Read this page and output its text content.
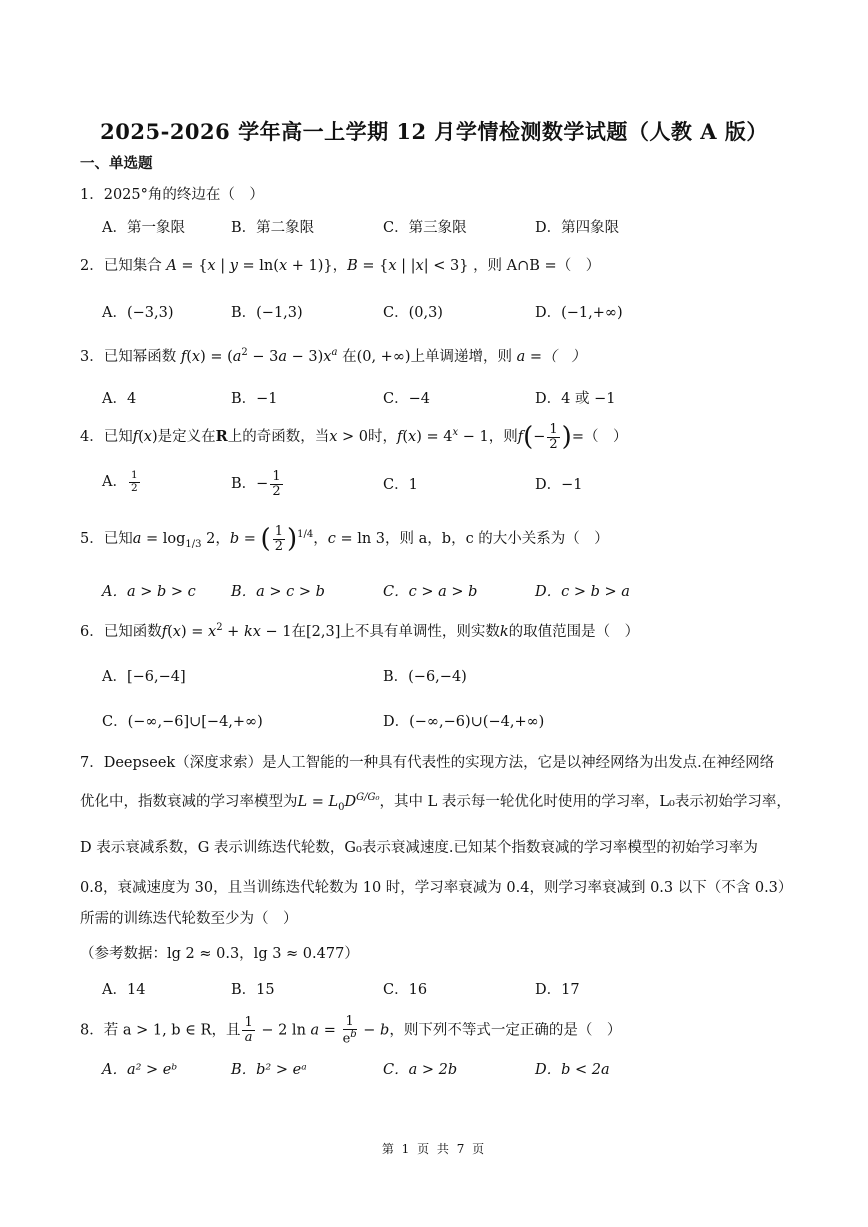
2025-2026 学年高一上学期 12 月学情检测数学试题（人教 A 版）
一、单选题
1．2025°角的终边在（　）
A．第一象限	B．第二象限	C．第三象限	D．第四象限
2．已知集合 A = {x | y = ln(x + 1)}，B = {x | |x| < 3} ，则 A∩B =（　）
A．(−3,3)	B．(−1,3)	C．(0,3)	D．(−1,+∞)
3．已知幂函数 $f(x) = (a^2 - 3a - 3)x^a$ 在(0, +∞)上单调递增，则 a =（　）
A．4	B．−1	C．−4	D．4 或 −1
4．已知f(x)是定义在R上的奇函数，当x > 0时，$f(x) = 4^x - 1$，则$f(- \frac{1}{2}$ )=（　）
A． $\frac{1}{2}$	B．− $\frac{1}{2}$	C．1	D．−1
5．已知$a = \log_{1/3} 2$，b = ( $\frac{1}{2} )^{1/4}$，c = ln 3，则 a，b，c 的大小关系为（　）
A．a > b > c B．a > c > b	C．c > a > b	D．c > b > a
6．已知函数$f(x) = x^2$ + kx − 1在[2,3]上不具有单调性，则实数k的取值范围是（　）
A．[−6,−4]	B．(−6,−4)
C．(−∞,−6]∪[−4,+∞)	D．(−∞,−6)∪(−4,+∞)
7．Deepseek（深度求索）是人工智能的一种具有代表性的实现方法，它是以神经网络为出发点.在神经网络
优化中，指数衰减的学习率模型为$L = L_0D^{G/G_0}$，其中 L 表示每一轮优化时使用的学习率，L₀表示初始学习率，
D 表示衰减系数，G 表示训练迭代轮数，G₀表示衰减速度.已知某个指数衰减的学习率模型的初始学习率为
0.8，衰减速度为 30，且当训练迭代轮数为 10 时，学习率衰减为 0.4，则学习率衰减到 0.3 以下（不含 0.3）
所需的训练迭代轮数至少为（　）
（参考数据：lg 2 ≈ 0.3，lg 3 ≈ 0.477）
A．14	B．15	C．16	D．17
8．若 a > 1, b ∈ R，且 $\frac{1}{a} - 2$ $\ln a = \frac{1}{e^b} - b$，则下列不等式一定正确的是（　）
A．a² > eᵇ	B．b² > eᵃ	C．a > 2b	D．b < 2a
第 1 页 共 7 页
